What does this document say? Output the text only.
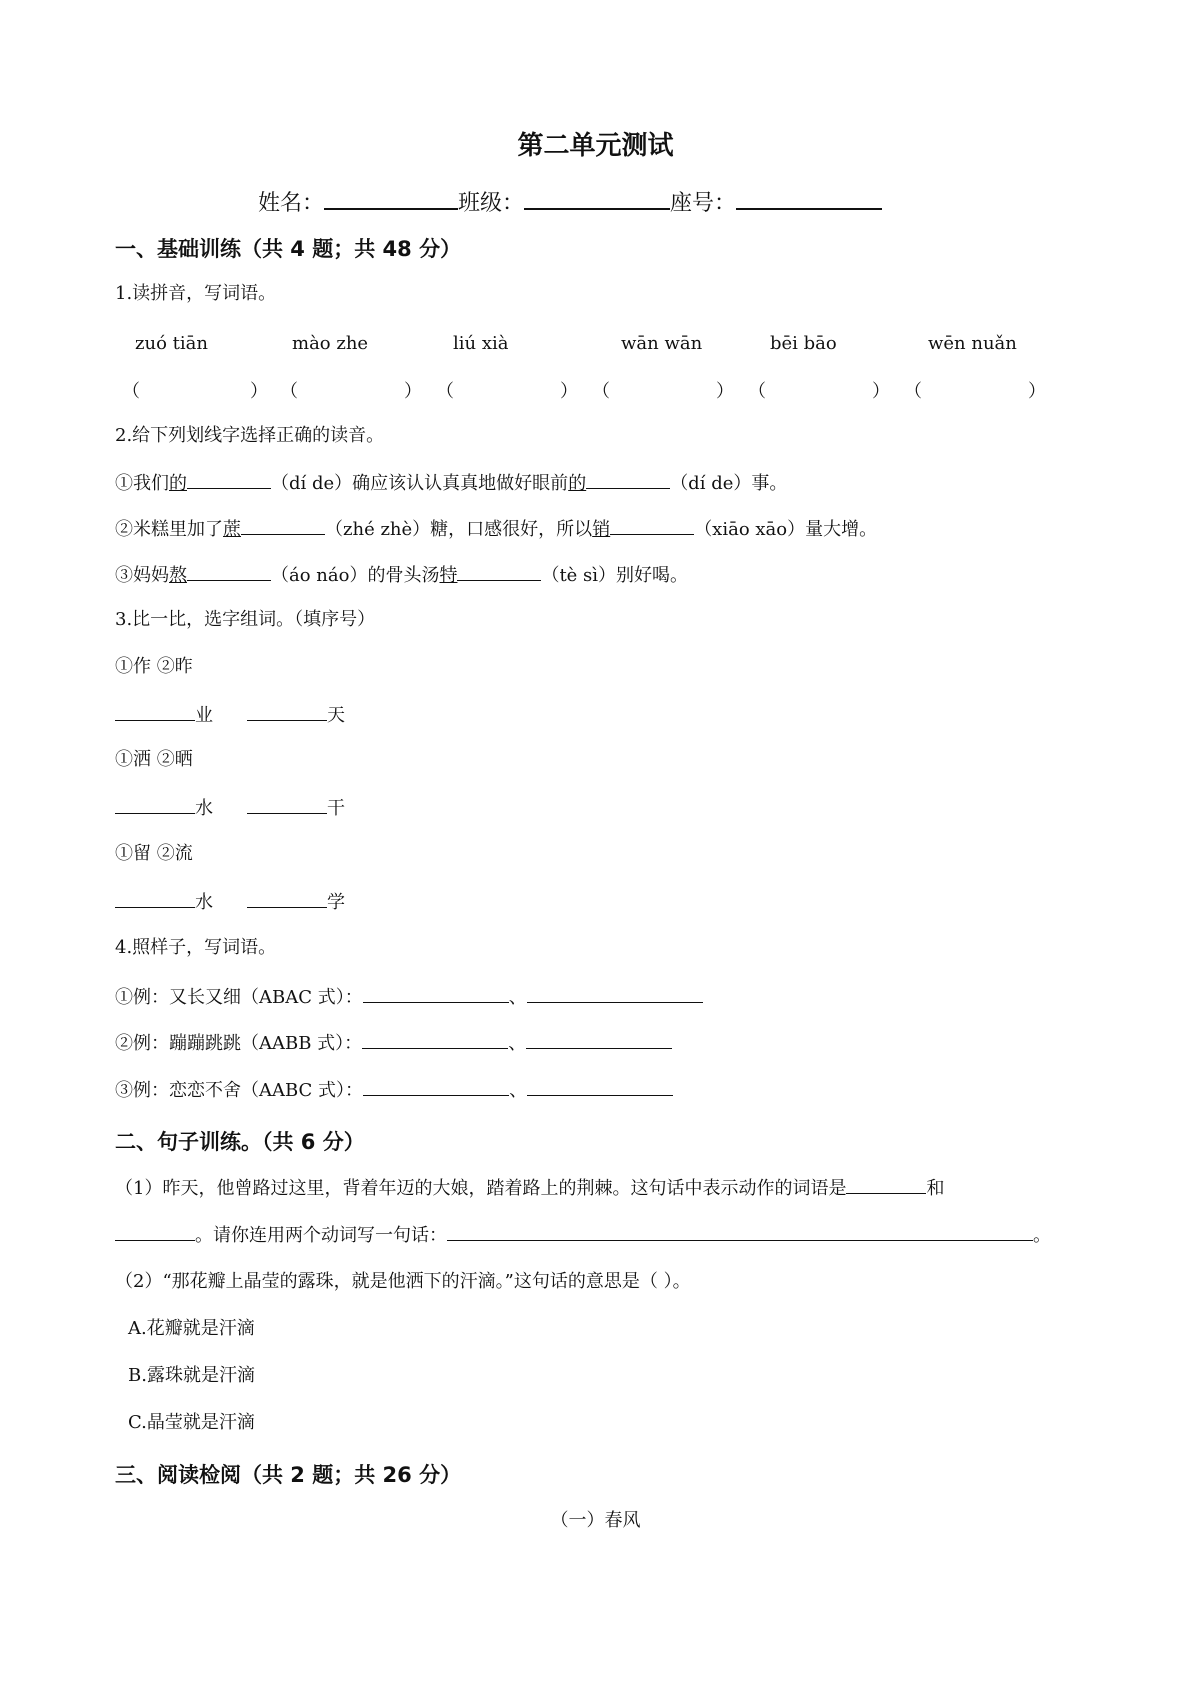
第二单元测试
姓名：	班级：	座号：
一、基础训练（共 4 题；共 48 分）
1.读拼音，写词语。
zuó tiān	mào zhe	liú xià	wān wān	bēi bāo	wēn nuǎn
（	） （	） （	） （	） （	） （	）
2.给下列划线字选择正确的读音。
①我们的	（dí de）确应该认认真真地做好眼前的	（dí de）事。
②米糕里加了蔗	（zhé zhè）糖，口感很好，所以销	（xiāo xāo）量大增。
③妈妈熬	（áo náo）的骨头汤特	（tè sì）别好喝。
3.比一比，选字组词。（填序号）
①作 ②昨
业	天
①洒 ②晒
水	干
①留 ②流
水	学
4.照样子，写词语。
①例：又长又细（ABAC 式）：	、
②例：蹦蹦跳跳（AABB 式）：	、
③例：恋恋不舍（AABC 式）：	、
二、句子训练。（共 6 分）
（1）昨天，他曾路过这里，背着年迈的大娘，踏着路上的荆棘。这句话中表示动作的词语是	和
。请你连用两个动词写一句话：	。
（2）“那花瓣上晶莹的露珠，就是他洒下的汗滴。”这句话的意思是（ ）。
A.花瓣就是汗滴
B.露珠就是汗滴
C.晶莹就是汗滴
三、阅读检阅（共 2 题；共 26 分）
（一）春风
